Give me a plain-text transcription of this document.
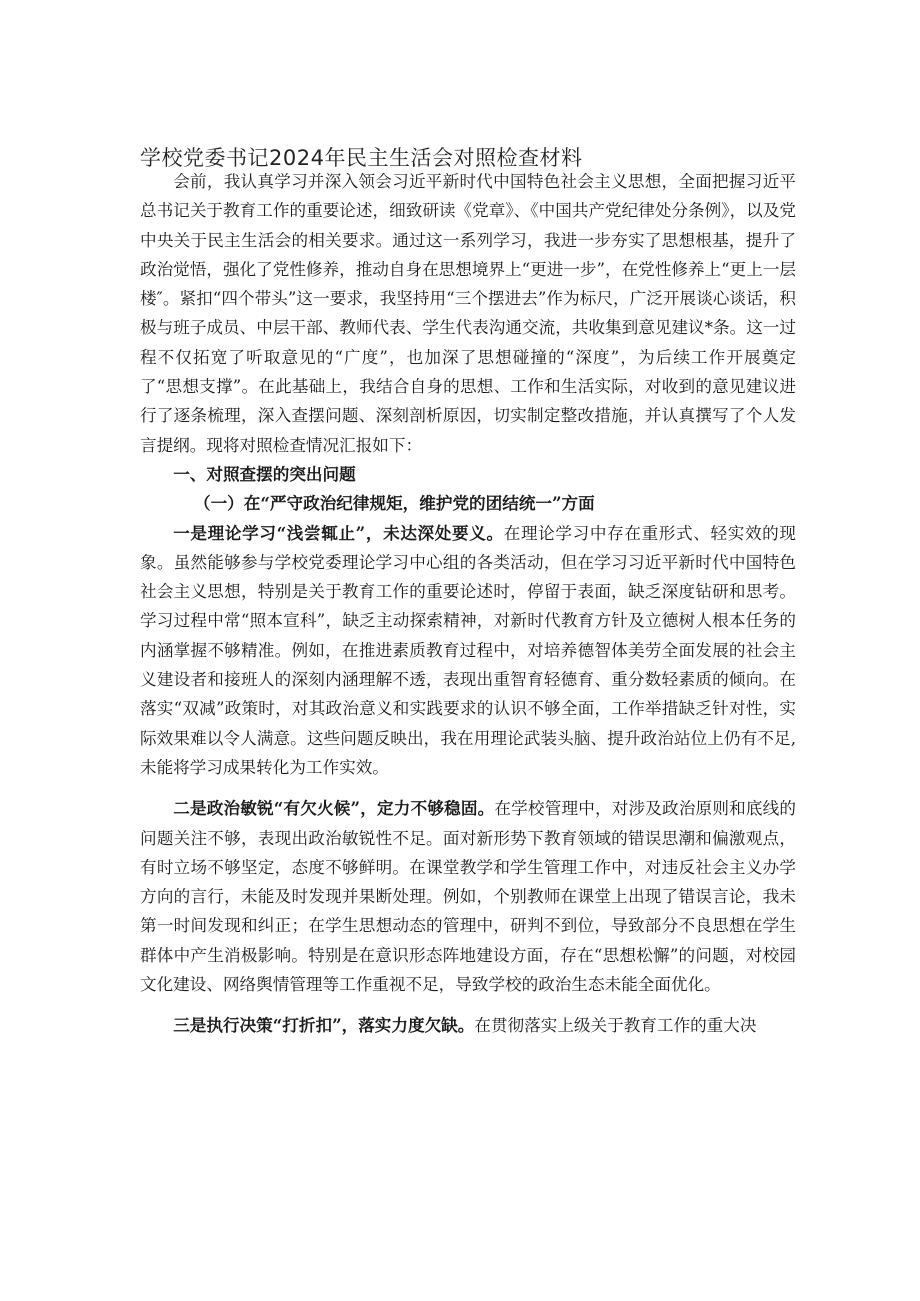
学校党委书记2024年民主生活会对照检查材料

会前，我认真学习并深入领会习近平新时代中国特色社会主义思想，全面把握习近平总书记关于教育工作的重要论述，细致研读《党章》、《中国共产党纪律处分条例》，以及党中央关于民主生活会的相关要求。通过这一系列学习，我进一步夯实了思想根基，提升了政治觉悟，强化了党性修养，推动自身在思想境界上“更进一步”，在党性修养上“更上一层楼″。紧扣“四个带头”这一要求，我坚持用“三个摆进去”作为标尺，广泛开展谈心谈话，积极与班子成员、中层干部、教师代表、学生代表沟通交流，共收集到意见建议*条。这一过程不仅拓宽了听取意见的“广度”，也加深了思想碰撞的“深度”，为后续工作开展奠定了“思想支撑”。在此基础上，我结合自身的思想、工作和生活实际，对收到的意见建议进行了逐条梳理，深入查摆问题、深刻剖析原因，切实制定整改措施，并认真撰写了个人发言提纲。现将对照检查情况汇报如下：

一、对照查摆的突出问题

（一）在“严守政治纪律规矩，维护党的团结统一”方面

一是理论学习“浅尝辄止”，未达深处要义。在理论学习中存在重形式、轻实效的现象。虽然能够参与学校党委理论学习中心组的各类活动，但在学习习近平新时代中国特色社会主义思想，特别是关于教育工作的重要论述时，停留于表面，缺乏深度钻研和思考。学习过程中常“照本宣科”，缺乏主动探索精神，对新时代教育方针及立德树人根本任务的内涵掌握不够精准。例如，在推进素质教育过程中，对培养德智体美劳全面发展的社会主义建设者和接班人的深刻内涵理解不透，表现出重智育轻德育、重分数轻素质的倾向。在落实“双减”政策时，对其政治意义和实践要求的认识不够全面，工作举措缺乏针对性，实际效果难以令人满意。这些问题反映出，我在用理论武装头脑、提升政治站位上仍有不足,未能将学习成果转化为工作实效。

二是政治敏锐“有欠火候”，定力不够稳固。在学校管理中，对涉及政治原则和底线的问题关注不够，表现出政治敏锐性不足。面对新形势下教育领域的错误思潮和偏激观点，有时立场不够坚定，态度不够鲜明。在课堂教学和学生管理工作中，对违反社会主义办学方向的言行，未能及时发现并果断处理。例如，个别教师在课堂上出现了错误言论，我未第一时间发现和纠正；在学生思想动态的管理中，研判不到位，导致部分不良思想在学生群体中产生消极影响。特别是在意识形态阵地建设方面，存在“思想松懈”的问题，对校园文化建设、网络舆情管理等工作重视不足，导致学校的政治生态未能全面优化。

三是执行决策“打折扣”，落实力度欠缺。在贯彻落实上级关于教育工作的重大决
